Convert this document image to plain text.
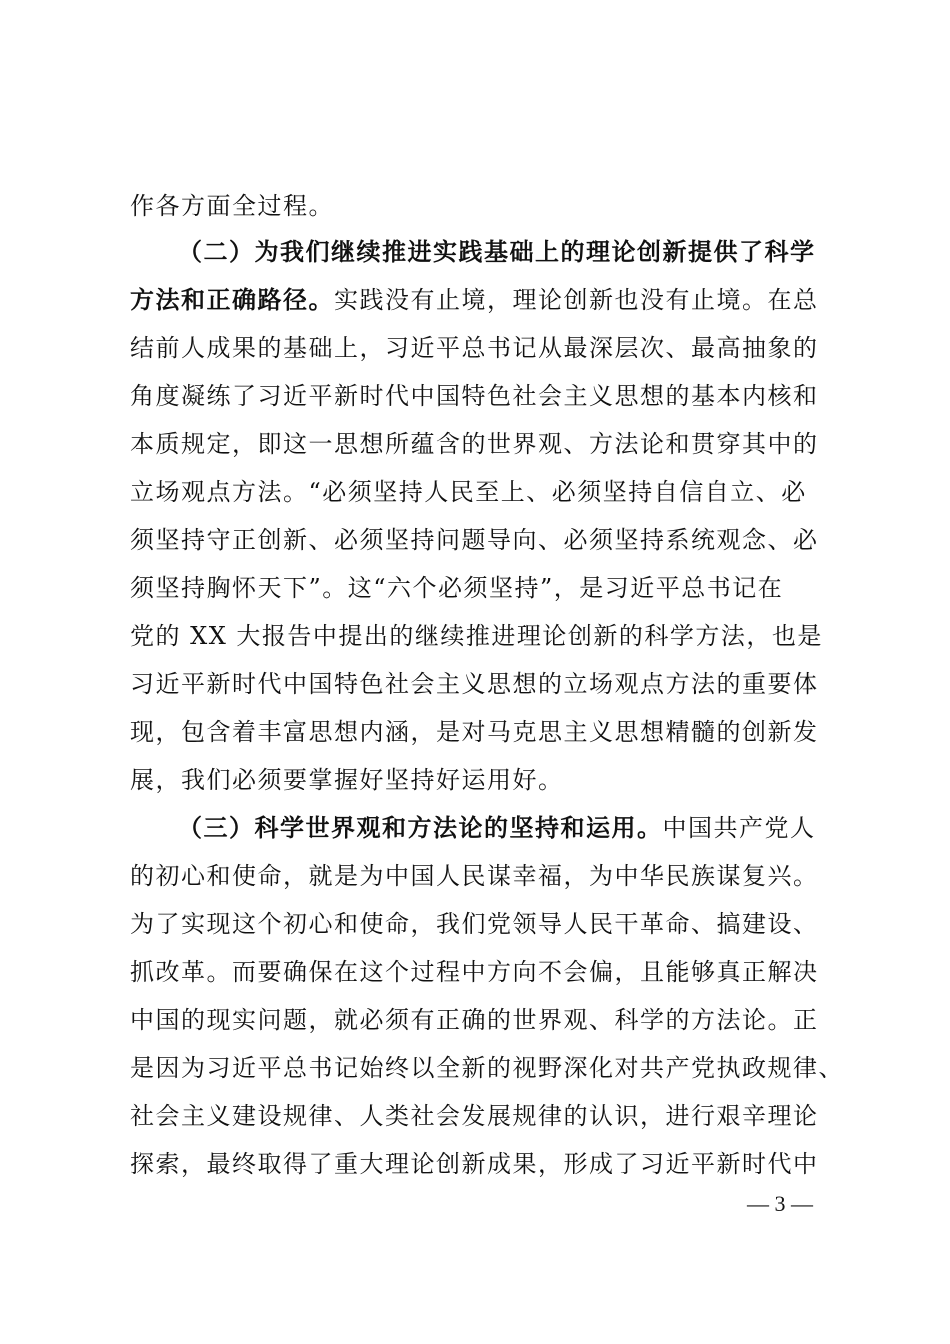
作各方面全过程。
（二）为我们继续推进实践基础上的理论创新提供了科学
方法和正确路径。实践没有止境，理论创新也没有止境。在总
结前人成果的基础上，习近平总书记从最深层次、最高抽象的
角度凝练了习近平新时代中国特色社会主义思想的基本内核和
本质规定，即这一思想所蕴含的世界观、方法论和贯穿其中的
立场观点方法。“必须坚持人民至上、必须坚持自信自立、必
须坚持守正创新、必须坚持问题导向、必须坚持系统观念、必
须坚持胸怀天下”。这“六个必须坚持”，是习近平总书记在
党的 XX 大报告中提出的继续推进理论创新的科学方法，也是
习近平新时代中国特色社会主义思想的立场观点方法的重要体
现，包含着丰富思想内涵，是对马克思主义思想精髓的创新发
展，我们必须要掌握好坚持好运用好。
（三）科学世界观和方法论的坚持和运用。中国共产党人
的初心和使命，就是为中国人民谋幸福，为中华民族谋复兴。
为了实现这个初心和使命，我们党领导人民干革命、搞建设、
抓改革。而要确保在这个过程中方向不会偏，且能够真正解决
中国的现实问题，就必须有正确的世界观、科学的方法论。正
是因为习近平总书记始终以全新的视野深化对共产党执政规律、
社会主义建设规律、人类社会发展规律的认识，进行艰辛理论
探索，最终取得了重大理论创新成果，形成了习近平新时代中
— 3 —
